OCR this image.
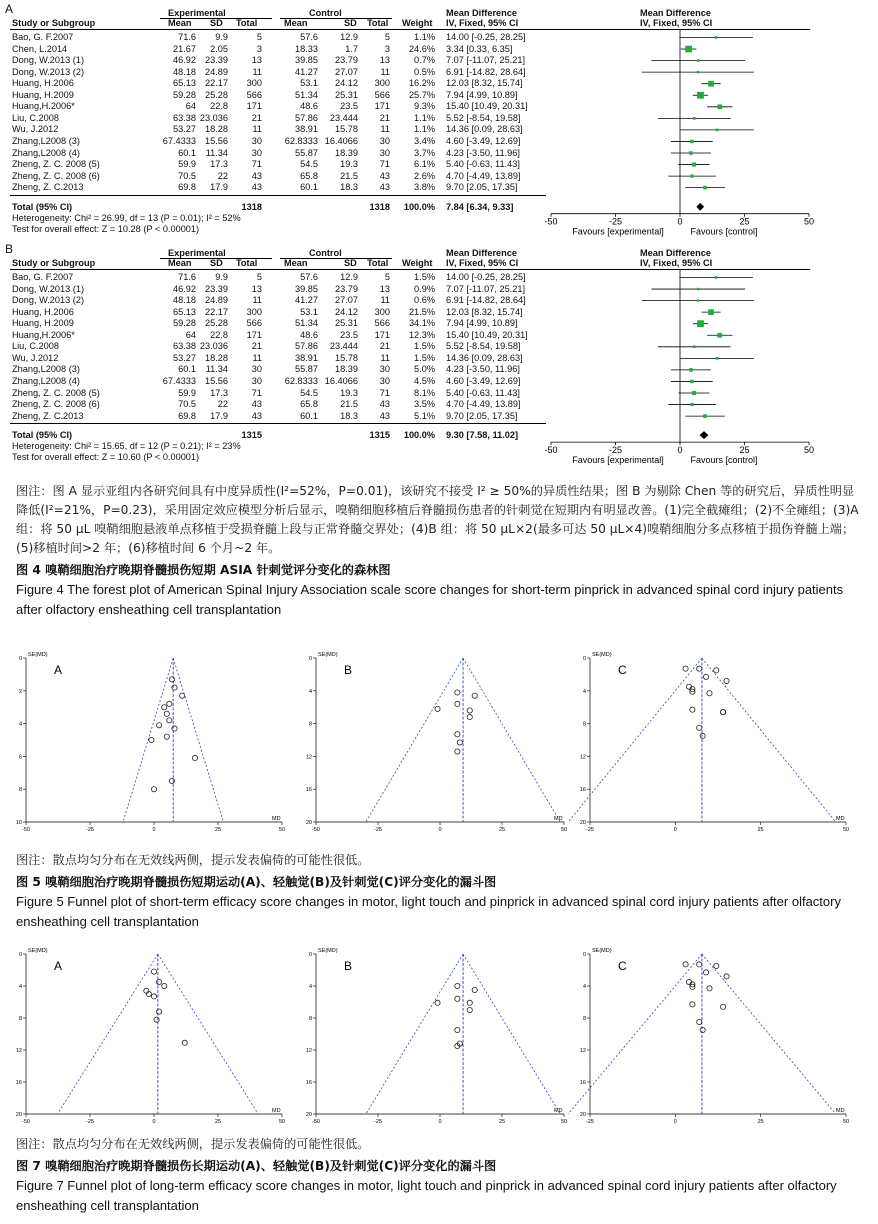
A	Experimental	Control	Mean Difference	Mean Difference
Study or Subgroup	Mean SD Total	Mean	SD Total Weight IV, Fixed, 95% CI	IV, Fixed, 95% CI
Bao, G. F.2007	71.6	9.9	5	57.6	12.9	5	1.1% 14.00 [-0.25, 28.25]
Chen, L.2014	21.67	2.05	3	18.33	1.7	3	24.6% 3.34 [0.33, 6.35]
Dong, W.2013 (1)	46.92 23.39	13	39.85	23.79	13	0.7% 7.07 [-11.07, 25.21]
Dong, W.2013 (2)	48.18 24.89	11	41.27	27.07	11	0.5% 6.91 [-14.82, 28.64]
Huang, H.2006	65.13 22.17	300	53.1	24.12	300	16.2% 12.03 [8.32, 15.74]
Huang, H.2009	59.28 25.28	566	51.34	25.31	566	25.7% 7.94 [4.99, 10.89]
Huang,H.2006*	64	22.8	171	48.6	23.5	171	9.3% 15.40 [10.49, 20.31]
Liu, C.2008	63.38 23.036	21	57.86	23.444	21	1.1% 5.52 [-8.54, 19.58]
Wu, J.2012	53.27 18.28	11	38.91	15.78	11	1.1% 14.36 [0.09, 28.63]
Zhang,L2008 (3)	67.4333 15.56	30	62.8333 16.4066	30	3.4% 4.60 [-3.49, 12.69]
Zhang,L2008 (4)	60.1	11.34	30	55.87	18.39	30	3.7% 4.23 [-3.50, 11.96]
Zheng, Z. C. 2008 (5)	59.9	17.3	71	54.5	19.3	71	6.1% 5.40 [-0.63, 11.43]
Zheng, Z. C. 2008 (6)	70.5	22	43	65.8	21.5	43	2.6% 4.70 [-4.49, 13.89]
Zheng, Z. C.2013	69.8	17.9	43	60.1	18.3	43	3.8% 9.70 [2.05, 17.35]
Total (95% CI)	1318	1318	100.0% 7.84 [6.34, 9.33]
Heterogeneity: Chi² = 26.99, df = 13 (P = 0.01); I² = 52%
Test for overall effect: Z = 10.28 (P < 0.00001)
-50	-25	0	25	50
Favours [experimental]	Favours [control]
B	Experimental	Control	Mean Difference	Mean Difference
Study or Subgroup	Mean SD Total	Mean	SD Total Weight IV, Fixed, 95% CI	IV, Fixed, 95% CI
Bao, G. F.2007	71.6	9.9	5	57.6	12.9	5	1.5% 14.00 [-0.25, 28.25]
Dong, W.2013 (1)	46.92 23.39	13	39.85	23.79	13	0.9% 7.07 [-11.07, 25.21]
Dong, W.2013 (2)	48.18 24.89	11	41.27	27.07	11	0.6% 6.91 [-14.82, 28.64]
Huang, H.2006	65.13 22.17	300	53.1	24.12	300	21.5% 12.03 [8.32, 15.74]
Huang, H.2009	59.28 25.28	566	51.34	25.31	566	34.1% 7.94 [4.99, 10.89]
Huang,H.2006*	64	22.8	171	48.6	23.5	171	12.3% 15.40 [10.49, 20.31]
Liu, C.2008	63.38 23.036	21	57.86	23.444	21	1.5% 5.52 [-8.54, 19.58]
Wu, J.2012	53.27 18.28	11	38.91	15.78	11	1.5% 14.36 [0.09, 28.63]
Zhang,L2008 (3)	60.1	11.34	30	55.87	18.39	30	5.0% 4.23 [-3.50, 11.96]
Zhang,L2008 (4)	67.4333 15.56	30	62.8333 16.4066	30	4.5% 4.60 [-3.49, 12.69]
Zheng, Z. C. 2008 (5)	59.9	17.3	71	54.5	19.3	71	8.1% 5.40 [-0.63, 11.43]
Zheng, Z. C. 2008 (6)	70.5	22	43	65.8	21.5	43	3.5% 4.70 [-4.49, 13.89]
Zheng, Z. C.2013	69.8	17.9	43	60.1	18.3	43	5.1% 9.70 [2.05, 17.35]
Total (95% CI)	1315	1315	100.0% 9.30 [7.58, 11.02]
Heterogeneity: Chi² = 15.65, df = 12 (P = 0.21); I² = 23%
Test for overall effect: Z = 10.60 (P < 0.00001)
-50	-25	0	25	50
Favours [experimental]	Favours [control]
图注：图 A 显示亚组内各研究间具有中度异质性(I²=52%，P=0.01)，该研究不接受 I² ≥ 50%的异质性结果；图 B 为剔除 Chen 等的研究后，异质性明显降低(I²=21%，P=0.23)，采用固定效应模型分析后显示，嗅鞘细胞移植后脊髓损伤患者的针刺觉在短期内有明显改善。(1)完全截瘫组；(2)不全瘫组；(3)A 组：将 50 μL 嗅鞘细胞悬液单点移植于受损脊髓上段与正常脊髓交界处；(4)B 组：将 50 μL×2(最多可达 50 μL×4)嗅鞘细胞分多点移植于损伤脊髓上端；(5)移植时间>2 年；(6)移植时间 6 个月~2 年。
图 4 嗅鞘细胞治疗晚期脊髓损伤短期 ASIA 针刺觉评分变化的森林图
Figure 4 The forest plot of American Spinal Injury Association scale score changes for short-term pinprick in advanced spinal cord injury patients after olfactory ensheathing cell transplantation
0
2
4
6
8
10
-50	-25	0	25	50
SE(MD)
MD
A
0
4
8
12
16
20
-50	-25	0	25	50
SE(MD)
MD
B
0
4
8
12
16
20
-25	0	25	50
SE(MD)
MD
C
图注：散点均匀分布在无效线两侧，提示发表偏倚的可能性很低。
图 5 嗅鞘细胞治疗晚期脊髓损伤短期运动(A)、轻触觉(B)及针刺觉(C)评分变化的漏斗图
Figure 5 Funnel plot of short-term efficacy score changes in motor, light touch and pinprick in advanced spinal cord injury patients after olfactory ensheathing cell transplantation
0
4
8
12
16
20
-50	-25	0	25	50
SE(MD)
MD
A
0
4
8
12
16
20
-50	-25	0	25	50
SE(MD)
MD
B
0
4
8
12
16
20
-25	0	25	50
SE(MD)
MD
C
图注：散点均匀分布在无效线两侧，提示发表偏倚的可能性很低。
图 7 嗅鞘细胞治疗晚期脊髓损伤长期运动(A)、轻触觉(B)及针刺觉(C)评分变化的漏斗图
Figure 7 Funnel plot of long-term efficacy score changes in motor, light touch and pinprick in advanced spinal cord injury patients after olfactory ensheathing cell transplantation
